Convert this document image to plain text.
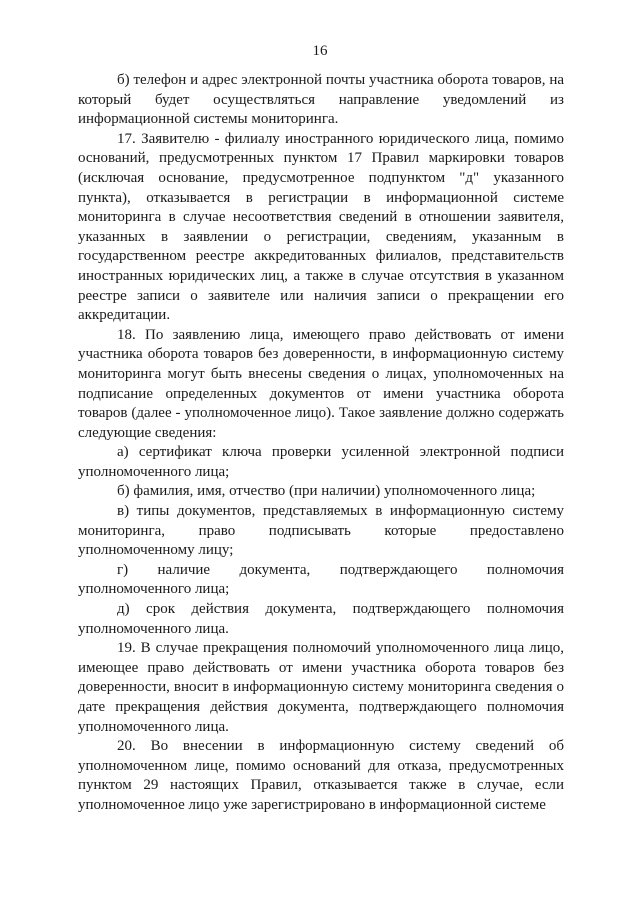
16

б) телефон и адрес электронной почты участника оборота товаров, на который будет осуществляться направление уведомлений из информационной системы мониторинга.

17. Заявителю - филиалу иностранного юридического лица, помимо оснований, предусмотренных пунктом 17 Правил маркировки товаров (исключая основание, предусмотренное подпунктом "д" указанного пункта), отказывается в регистрации в информационной системе мониторинга в случае несоответствия сведений в отношении заявителя, указанных в заявлении о регистрации, сведениям, указанным в государственном реестре аккредитованных филиалов, представительств иностранных юридических лиц, а также в случае отсутствия в указанном реестре записи о заявителе или наличия записи о прекращении его аккредитации.

18. По заявлению лица, имеющего право действовать от имени участника оборота товаров без доверенности, в информационную систему мониторинга могут быть внесены сведения о лицах, уполномоченных на подписание определенных документов от имени участника оборота товаров (далее - уполномоченное лицо). Такое заявление должно содержать следующие сведения:

а) сертификат ключа проверки усиленной электронной подписи уполномоченного лица;

б) фамилия, имя, отчество (при наличии) уполномоченного лица;

в) типы документов, представляемых в информационную систему мониторинга, право подписывать которые предоставлено уполномоченному лицу;

г) наличие документа, подтверждающего полномочия уполномоченного лица;

д) срок действия документа, подтверждающего полномочия уполномоченного лица.

19. В случае прекращения полномочий уполномоченного лица лицо, имеющее право действовать от имени участника оборота товаров без доверенности, вносит в информационную систему мониторинга сведения о дате прекращения действия документа, подтверждающего полномочия уполномоченного лица.

20. Во внесении в информационную систему сведений об уполномоченном лице, помимо оснований для отказа, предусмотренных пунктом 29 настоящих Правил, отказывается также в случае, если уполномоченное лицо уже зарегистрировано в информационной системе
